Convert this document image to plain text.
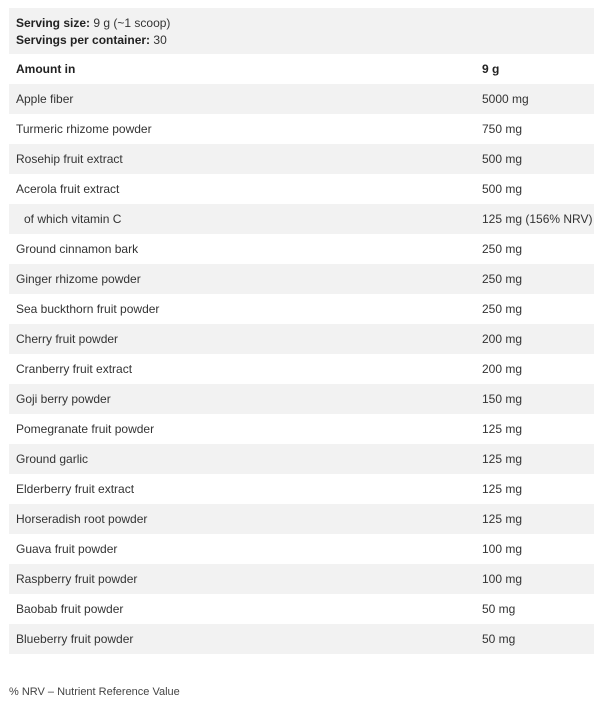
Serving size: 9 g (~1 scoop)
Servings per container: 30
Amount in	9 g
Apple fiber	5000 mg
Turmeric rhizome powder	750 mg
Rosehip fruit extract	500 mg
Acerola fruit extract	500 mg
of which vitamin C	125 mg (156% NRV)
Ground cinnamon bark	250 mg
Ginger rhizome powder	250 mg
Sea buckthorn fruit powder	250 mg
Cherry fruit powder	200 mg
Cranberry fruit extract	200 mg
Goji berry powder	150 mg
Pomegranate fruit powder	125 mg
Ground garlic	125 mg
Elderberry fruit extract	125 mg
Horseradish root powder	125 mg
Guava fruit powder	100 mg
Raspberry fruit powder	100 mg
Baobab fruit powder	50 mg
Blueberry fruit powder	50 mg
% NRV – Nutrient Reference Value
